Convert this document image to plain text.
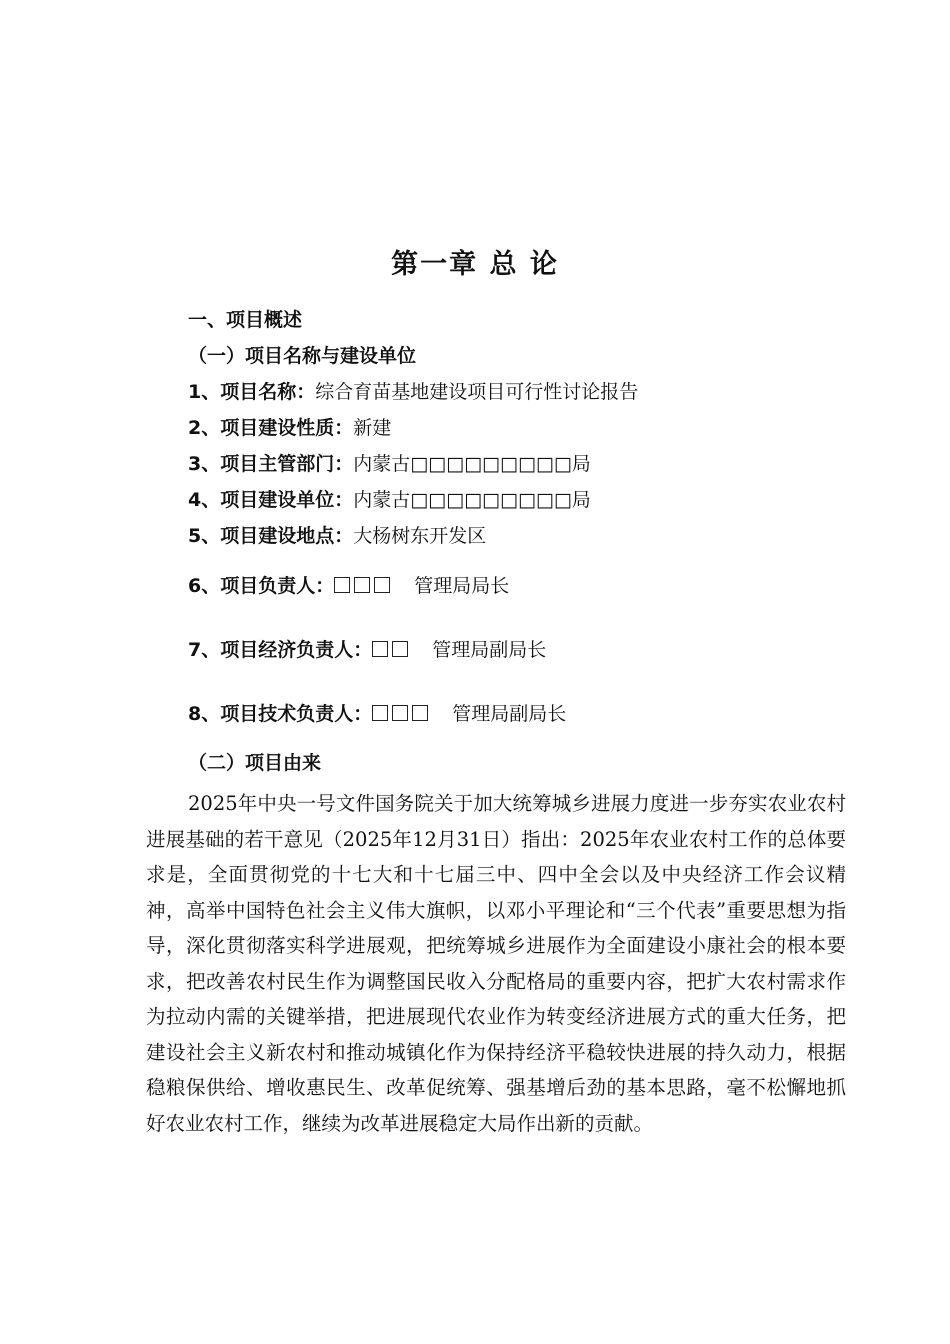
第一章 总 论
一、项目概述
（一）项目名称与建设单位
1、项目名称：综合育苗基地建设项目可行性讨论报告
2、项目建设性质：新建
3、项目主管部门：内蒙古□□□□□□□□□局
4、项目建设单位：内蒙古□□□□□□□□□局
5、项目建设地点：大杨树东开发区
6、项目负责人：	管理局局长
7、项目经济负责人：	管理局副局长
8、项目技术负责人：	管理局副局长
（二）项目由来
2025年中央一号文件国务院关于加大统筹城乡进展力度进一步夯实农业农村进展基础的若干意见（2025年12月31日）指出：2025年农业农村工作的总体要求是，全面贯彻党的十七大和十七届三中、四中全会以及中央经济工作会议精神，高举中国特色社会主义伟大旗帜，以邓小平理论和“三个代表”重要思想为指导，深化贯彻落实科学进展观，把统筹城乡进展作为全面建设小康社会的根本要求，把改善农村民生作为调整国民收入分配格局的重要内容，把扩大农村需求作为拉动内需的关键举措，把进展现代农业作为转变经济进展方式的重大任务，把建设社会主义新农村和推动城镇化作为保持经济平稳较快进展的持久动力，根据稳粮保供给、增收惠民生、改革促统筹、强基增后劲的基本思路，毫不松懈地抓好农业农村工作，继续为改革进展稳定大局作出新的贡献。
